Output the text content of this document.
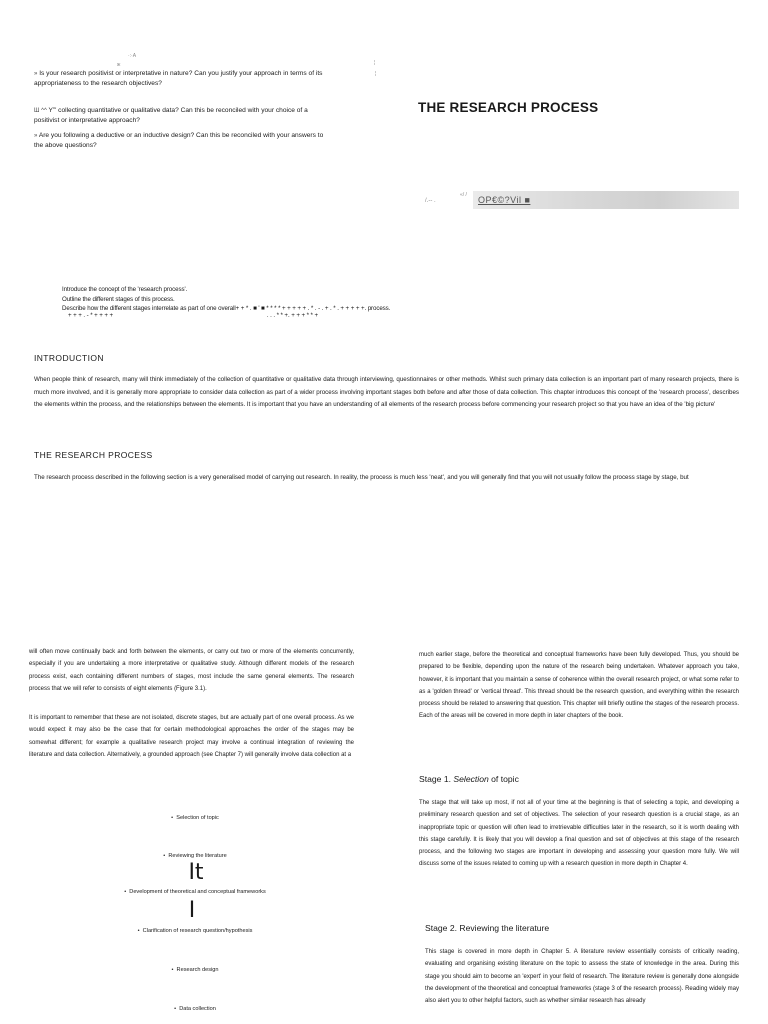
·:·A
ж	¦
¦
» Is your research positivist or interpretative in nature? Can you justify your approach in terms of its appropriateness to the research objectives?
Ш ^^ Y”' collecting quantitative or qualitative data? Can this be reconciled with your choice of a positivist or interpretative approach?
» Are you following a deductive or an inductive design? Can this be reconciled with your answers to the above questions?
THE RESEARCH PROCESS
/.-- .
«/ /	OP€©?Vil ■
Introduce the concept of the 'research process'.
Outline the different stages of this process.
Describe how the different stages interrelate as part of one overall+ + * . ■ ' ■ * * * * + + + + + . * . - . + . * . + + + + +. process.
+ + + . - * + + + +                                                                                               . . . * * +. + + + * * +
INTRODUCTION
When people think of research, many will think immediately of the collection of quantitative or qualitative data through interviewing, questionnaires or other methods. Whilst such primary data collection is an important part of many research projects, there is much more involved, and it is generally more appropriate to consider data collection as part of a wider process involving important stages both before and after those of data collection. This chapter introduces this concept of the 'research process', describes the elements within the process, and the relationships between the elements. It is important that you have an understanding of all elements of the research process before commencing your research project so that you have an idea of the 'big picture'
THE RESEARCH PROCESS
The research process described in the following section is a very generalised model of carrying out research. In reality, the process is much less 'neat', and you will generally find that you will not usually follow the process stage by stage, but
will often move continually back and forth between the elements, or carry out two or more of the elements concurrently, especially if you are undertaking a more interpretative or qualitative study. Although different models of the research process exist, each containing different numbers of stages, most include the same general elements. The research process that we will refer to consists of eight elements (Figure 3.1).
It is important to remember that these are not isolated, discrete stages, but are actually part of one overall process. As we would expect it may also be the case that for certain methodological approaches the order of the stages may be somewhat different; for example a qualitative research project may involve a continual integration of reviewing the literature and data collection. Alternatively, a grounded approach (see Chapter 7) will generally involve data collection at a
• Selection of topic
• Reviewing the literature
It
• Development of theoretical and conceptual frameworks
I
• Clarification of research question/hypothesis
• Research design
• Data collection
much earlier stage, before the theoretical and conceptual frameworks have been fully developed. Thus, you should be prepared to be flexible, depending upon the nature of the research being undertaken. Whatever approach you take, however, it is important that you maintain a sense of coherence within the overall research project, or what some refer to as a 'golden thread' or 'vertical thread'. This thread should be the research question, and everything within the research process should be related to answering that question. This chapter will briefly outline the stages of the research process. Each of the areas will be covered in more depth in later chapters of the book.
Stage 1. Selection of topic
The stage that will take up most, if not all of your time at the beginning is that of selecting a topic, and developing a preliminary research question and set of objectives. The selection of your research question is a crucial stage, as an inappropriate topic or question will often lead to irretrievable difficulties later in the research, so it is worth dealing with this stage carefully. It is likely that you will develop a final question and set of objectives at this stage of the research process, and the following two stages are important in developing and assessing your question more fully. We will discuss some of the issues related to coming up with a research question in more depth in Chapter 4.
Stage 2. Reviewing the literature
This stage is covered in more depth in Chapter 5. A literature review essentially consists of critically reading, evaluating and organising existing literature on the topic to assess the state of knowledge in the area. During this stage you should aim to become an 'expert' in your field of research. The literature review is generally done alongside the development of the theoretical and conceptual frameworks (stage 3 of the research process). Reading widely may also alert you to other helpful factors, such as whether similar research has already
